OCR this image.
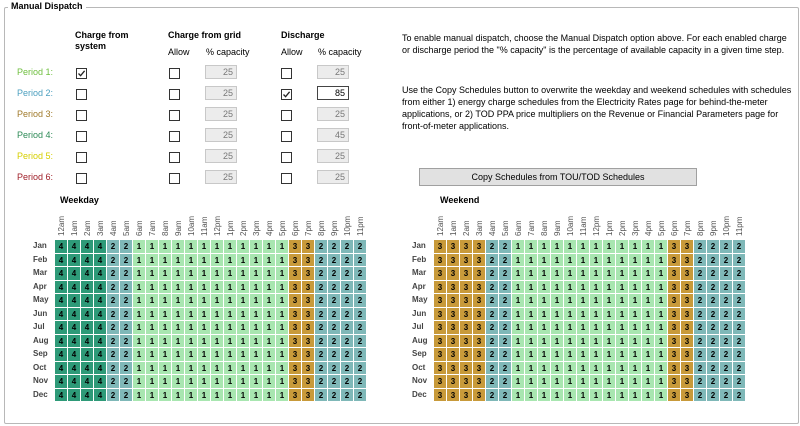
Manual Dispatch
Charge from system
Charge from grid	Discharge
Allow % capacity	Allow % capacity
Period 1:	25	25
Period 2:	25	85
Period 3:	25	25
Period 4:	25	45
Period 5:	25	25
Period 6:	25	25
To enable manual dispatch, choose the Manual Dispatch option above. For each enabled charge or discharge period the "% capacity" is the percentage of available capacity in a given time step.
Use the Copy Schedules button to overwrite the weekday and weekend schedules with schedules from either 1) energy charge schedules from the Electricity Rates page for behind-the-meter applications, or 2) TOD PPA price multipliers on the Revenue or Financial Parameters page for front-of-meter applications.
Copy Schedules from TOU/TOD Schedules
Weekday	Weekend
12am 1am 2am 3am 4am 5am 6am 7am 8am 9am 10am 11am 12pm 1pm 2pm 3pm 4pm 5pm 6pm 7pm 8pm 9pm 10pm 11pm
Jan	4	4	4	4	2	2	1	1	1	1	1	1	1	1	1	1	1	1	3	3	2	2	2	2
Feb	4	4	4	4	2	2	1	1	1	1	1	1	1	1	1	1	1	1	3	3	2	2	2	2
Mar	4	4	4	4	2	2	1	1	1	1	1	1	1	1	1	1	1	1	3	3	2	2	2	2
Apr	4	4	4	4	2	2	1	1	1	1	1	1	1	1	1	1	1	1	3	3	2	2	2	2
May	4	4	4	4	2	2	1	1	1	1	1	1	1	1	1	1	1	1	3	3	2	2	2	2
Jun	4	4	4	4	2	2	1	1	1	1	1	1	1	1	1	1	1	1	3	3	2	2	2	2
Jul	4	4	4	4	2	2	1	1	1	1	1	1	1	1	1	1	1	1	3	3	2	2	2	2
Aug	4	4	4	4	2	2	1	1	1	1	1	1	1	1	1	1	1	1	3	3	2	2	2	2
Sep	4	4	4	4	2	2	1	1	1	1	1	1	1	1	1	1	1	1	3	3	2	2	2	2
Oct	4	4	4	4	2	2	1	1	1	1	1	1	1	1	1	1	1	1	3	3	2	2	2	2
Nov	4	4	4	4	2	2	1	1	1	1	1	1	1	1	1	1	1	1	3	3	2	2	2	2
Dec	4	4	4	4	2	2	1	1	1	1	1	1	1	1	1	1	1	1	3	3	2	2	2	2
12am 1am 2am 3am 4am 5am 6am 7am 8am 9am 10am 11am 12pm 1pm 2pm 3pm 4pm 5pm 6pm 7pm 8pm 9pm 10pm 11pm
Jan	3	3	3	3	2	2	1	1	1	1	1	1	1	1	1	1	1	1	3	3	2	2	2	2
Feb	3	3	3	3	2	2	1	1	1	1	1	1	1	1	1	1	1	1	3	3	2	2	2	2
Mar	3	3	3	3	2	2	1	1	1	1	1	1	1	1	1	1	1	1	3	3	2	2	2	2
Apr	3	3	3	3	2	2	1	1	1	1	1	1	1	1	1	1	1	1	3	3	2	2	2	2
May	3	3	3	3	2	2	1	1	1	1	1	1	1	1	1	1	1	1	3	3	2	2	2	2
Jun	3	3	3	3	2	2	1	1	1	1	1	1	1	1	1	1	1	1	3	3	2	2	2	2
Jul	3	3	3	3	2	2	1	1	1	1	1	1	1	1	1	1	1	1	3	3	2	2	2	2
Aug	3	3	3	3	2	2	1	1	1	1	1	1	1	1	1	1	1	1	3	3	2	2	2	2
Sep	3	3	3	3	2	2	1	1	1	1	1	1	1	1	1	1	1	1	3	3	2	2	2	2
Oct	3	3	3	3	2	2	1	1	1	1	1	1	1	1	1	1	1	1	3	3	2	2	2	2
Nov	3	3	3	3	2	2	1	1	1	1	1	1	1	1	1	1	1	1	3	3	2	2	2	2
Dec	3	3	3	3	2	2	1	1	1	1	1	1	1	1	1	1	1	1	3	3	2	2	2	2
